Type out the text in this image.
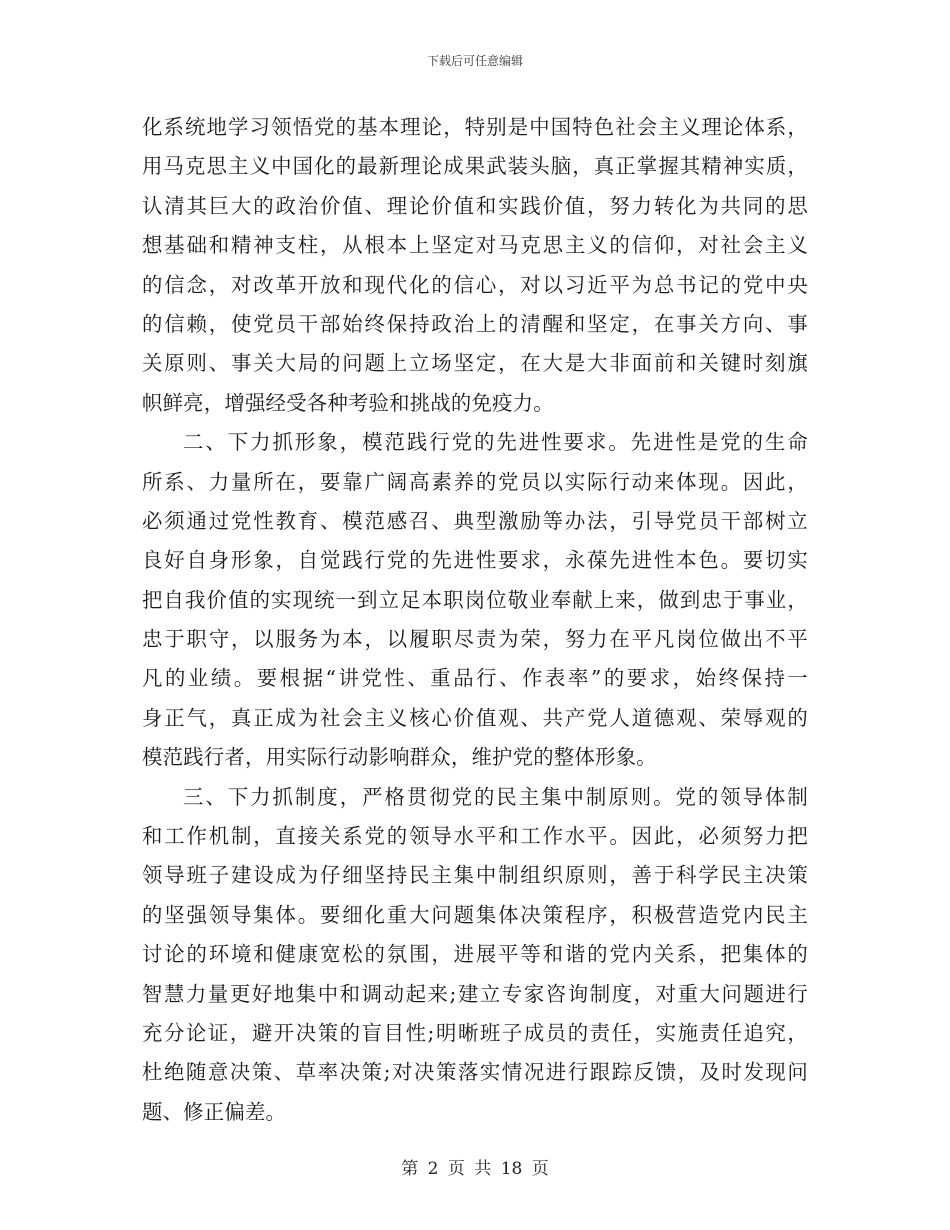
下载后可任意编辑
化系统地学习领悟党的基本理论，特别是中国特色社会主义理论体系，
用马克思主义中国化的最新理论成果武装头脑，真正掌握其精神实质，
认清其巨大的政治价值、理论价值和实践价值，努力转化为共同的思
想基础和精神支柱，从根本上坚定对马克思主义的信仰，对社会主义
的信念，对改革开放和现代化的信心，对以习近平为总书记的党中央
的信赖，使党员干部始终保持政治上的清醒和坚定，在事关方向、事
关原则、事关大局的问题上立场坚定，在大是大非面前和关键时刻旗
帜鲜亮，增强经受各种考验和挑战的免疫力。
二、下力抓形象，模范践行党的先进性要求。先进性是党的生命
所系、力量所在，要靠广阔高素养的党员以实际行动来体现。因此，
必须通过党性教育、模范感召、典型激励等办法，引导党员干部树立
良好自身形象，自觉践行党的先进性要求，永葆先进性本色。要切实
把自我价值的实现统一到立足本职岗位敬业奉献上来，做到忠于事业，
忠于职守，以服务为本，以履职尽责为荣，努力在平凡岗位做出不平
凡的业绩。要根据“讲党性、重品行、作表率”的要求，始终保持一
身正气，真正成为社会主义核心价值观、共产党人道德观、荣辱观的
模范践行者，用实际行动影响群众，维护党的整体形象。
三、下力抓制度，严格贯彻党的民主集中制原则。党的领导体制
和工作机制，直接关系党的领导水平和工作水平。因此，必须努力把
领导班子建设成为仔细坚持民主集中制组织原则，善于科学民主决策
的坚强领导集体。要细化重大问题集体决策程序，积极营造党内民主
讨论的环境和健康宽松的氛围，进展平等和谐的党内关系，把集体的
智慧力量更好地集中和调动起来;建立专家咨询制度，对重大问题进行
充分论证，避开决策的盲目性;明晰班子成员的责任，实施责任追究，
杜绝随意决策、草率决策;对决策落实情况进行跟踪反馈，及时发现问
题、修正偏差。
第 2 页 共 18 页
